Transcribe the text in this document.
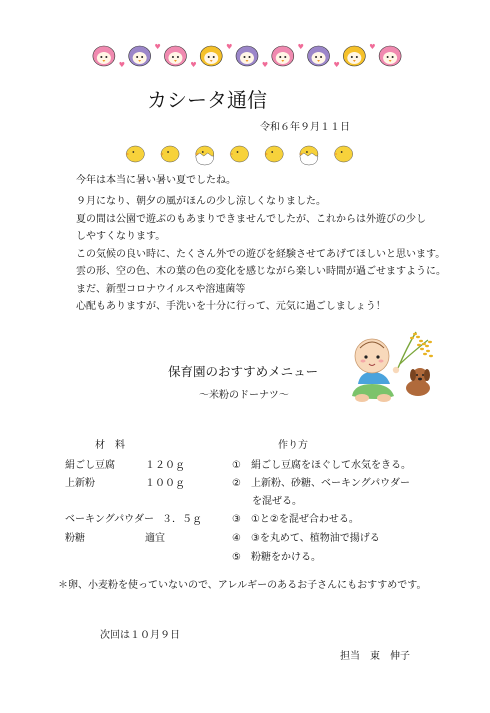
♥
♥
♥
♥
♥
♥
♥
♥
カシータ通信
令和６年９月１１日
今年は本当に暑い暑い夏でしたね。
９月になり、朝夕の風がほんの少し涼しくなりました。
夏の間は公園で遊ぶのもあまりできませんでしたが、これからは外遊びの少し
しやすくなります。
この気候の良い時に、たくさん外での遊びを経験させてあげてほしいと思います。
雲の形、空の色、木の葉の色の変化を感じながら楽しい時間が過ごせますように。
まだ、新型コロナウイルスや溶連菌等
心配もありますが、手洗いを十分に行って、元気に過ごしましょう！
保育園のおすすめメニュー
～米粉のドーナツ～
材　料
絹ごし豆腐	１２０ｇ
上新粉	１００ｇ
ベーキングパウダー ３．５ｇ
粉糖	適宜
作り方
①　絹ごし豆腐をほぐして水気をきる。
②　上新粉、砂糖、ベーキングパウダー
　　を混ぜる。
③　①と②を混ぜ合わせる。
④　③を丸めて、植物油で揚げる
⑤　粉糖をかける。
＊卵、小麦粉を使っていないので、アレルギーのあるお子さんにもおすすめです。
次回は１０月９日
担当　東　伸子
